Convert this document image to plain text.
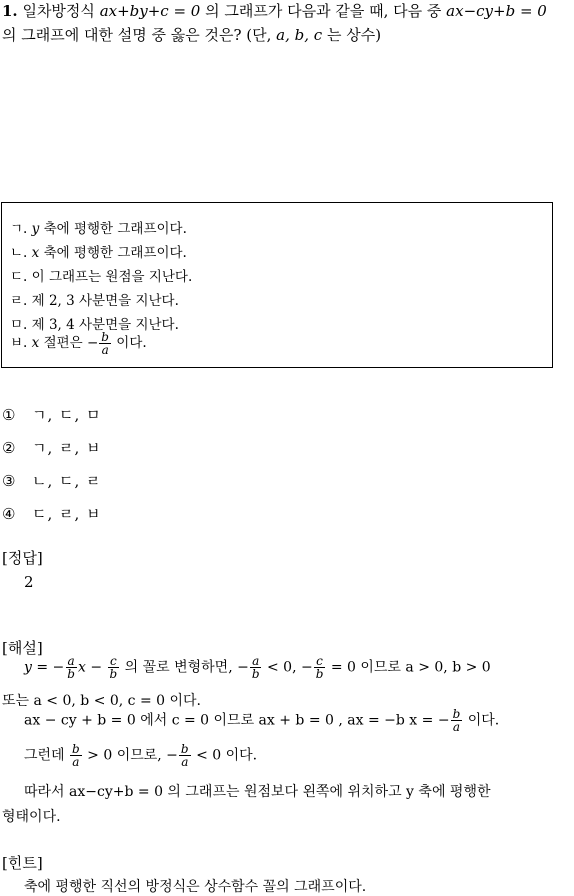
1. 일차방정식 ax+by+c = 0 의 그래프가 다음과 같을 때, 다음 중 ax−cy+b = 0
의 그래프에 대한 설명 중 옳은 것은? (단, a, b, c 는 상수)
ㄱ. y 축에 평행한 그래프이다.
ㄴ. x 축에 평행한 그래프이다.
ㄷ. 이 그래프는 원점을 지난다.
ㄹ. 제 2, 3 사분면을 지난다.
ㅁ. 제 3, 4 사분면을 지난다.
ㅂ. x 절편은 − $\frac{b}{a}$ 이다.
① ㄱ, ㄷ, ㅁ
② ㄱ, ㄹ, ㅂ
③ ㄴ, ㄷ, ㄹ
④ ㄷ, ㄹ, ㅂ
[정답]
2
[해설]
y = − $\frac{a}{b}$ $x - \frac{c}{b}$ 의 꼴로 변형하면, − $\frac{a}{b} < 0$, − $\frac{c}{b} = 0$ 이므로 a > 0, b > 0
또는 a < 0, b < 0, c = 0 이다.
ax − cy + b = 0 에서 c = 0 이므로 ax + b = 0 , ax = −b x = − $\frac{b}{a}$ 이다.
그런데 $\frac{b}{a} > 0$ 이므로, − $\frac{b}{a} < 0$ 이다.
따라서 ax−cy+b = 0 의 그래프는 원점보다 왼쪽에 위치하고 y 축에 평행한
형태이다.
[힌트]
축에 평행한 직선의 방정식은 상수함수 꼴의 그래프이다.
